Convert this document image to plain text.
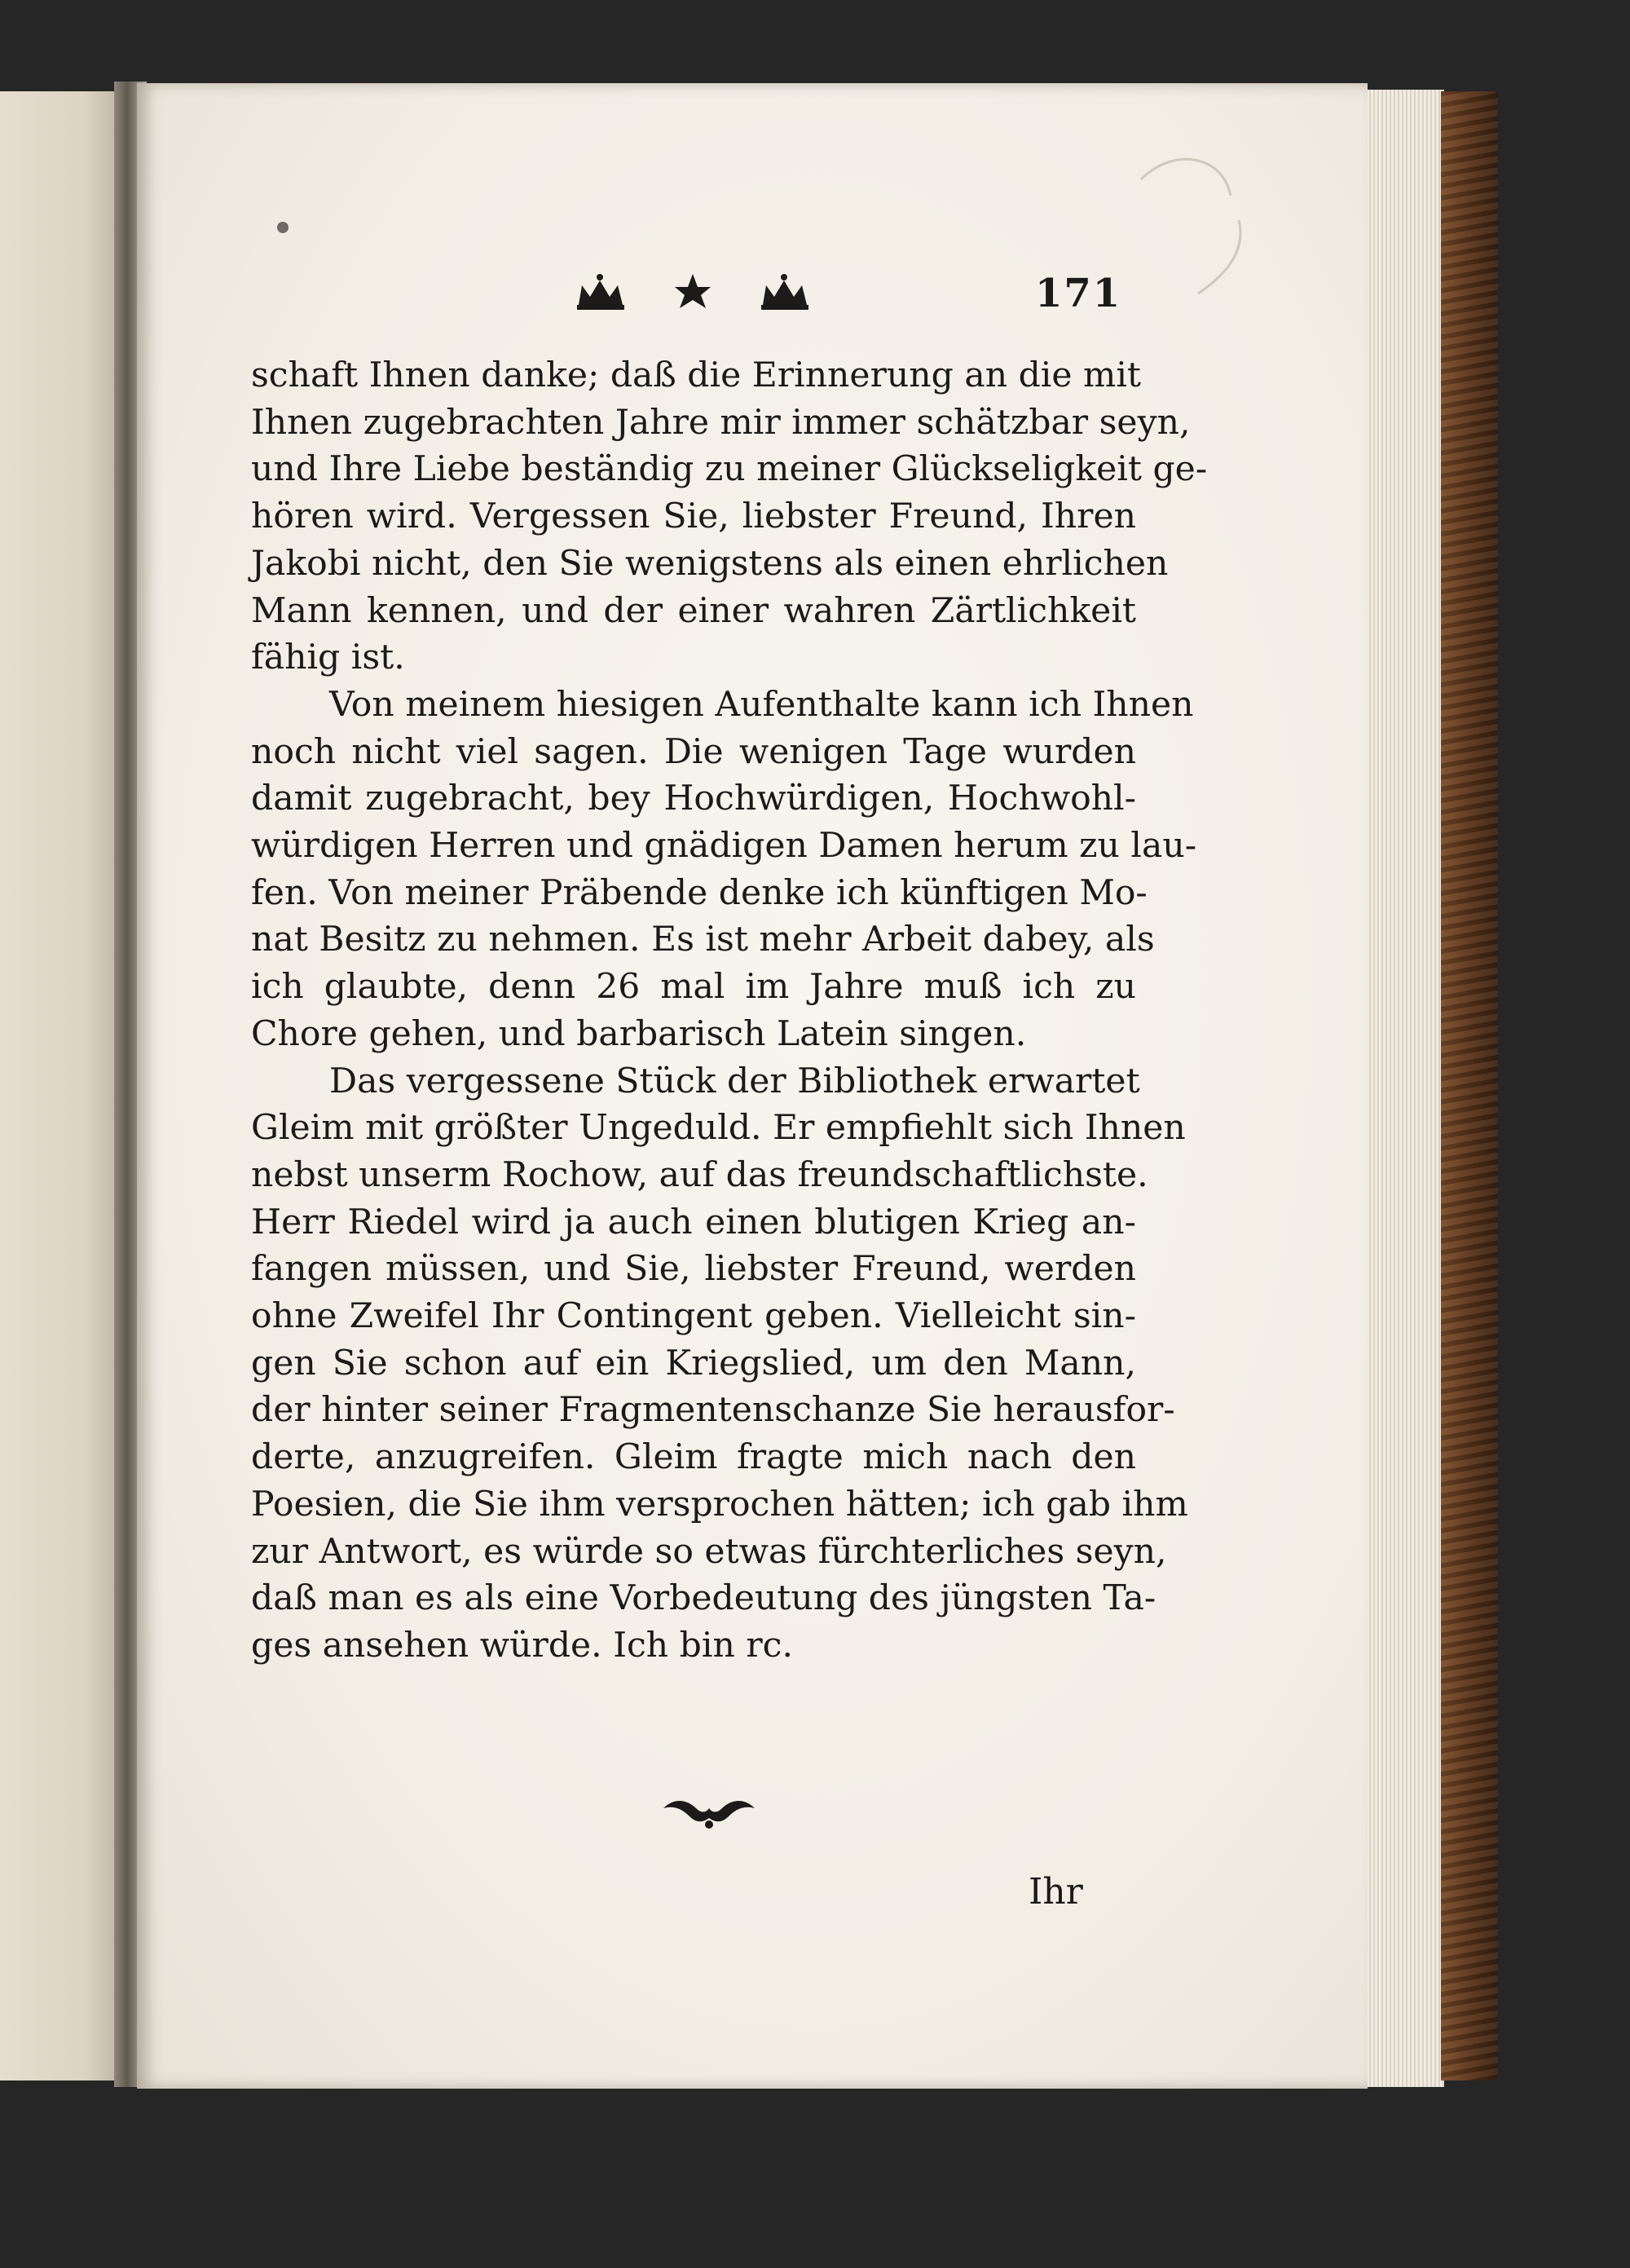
171
schaft Ihnen danke; daß die Erinnerung an die mit
Ihnen zugebrachten Jahre mir immer schätzbar seyn,
und Ihre Liebe beständig zu meiner Glückseligkeit ge-
hören wird. Vergessen Sie, liebster Freund, Ihren
Jakobi nicht, den Sie wenigstens als einen ehrlichen
Mann kennen, und der einer wahren Zärtlichkeit
fähig ist.
Von meinem hiesigen Aufenthalte kann ich Ihnen
noch nicht viel sagen. Die wenigen Tage wurden
damit zugebracht, bey Hochwürdigen, Hochwohl-
würdigen Herren und gnädigen Damen herum zu lau-
fen. Von meiner Präbende denke ich künftigen Mo-
nat Besitz zu nehmen. Es ist mehr Arbeit dabey, als
ich glaubte, denn 26 mal im Jahre muß ich zu
Chore gehen, und barbarisch Latein singen.
Das vergessene Stück der Bibliothek erwartet
Gleim mit größter Ungeduld. Er empfiehlt sich Ihnen
nebst unserm Rochow, auf das freundschaftlichste.
Herr Riedel wird ja auch einen blutigen Krieg an-
fangen müssen, und Sie, liebster Freund, werden
ohne Zweifel Ihr Contingent geben. Vielleicht sin-
gen Sie schon auf ein Kriegslied, um den Mann,
der hinter seiner Fragmentenschanze Sie herausfor-
derte, anzugreifen. Gleim fragte mich nach den
Poesien, die Sie ihm versprochen hätten; ich gab ihm
zur Antwort, es würde so etwas fürchterliches seyn,
daß man es als eine Vorbedeutung des jüngsten Ta-
ges ansehen würde. Ich bin rc.
Ihr
